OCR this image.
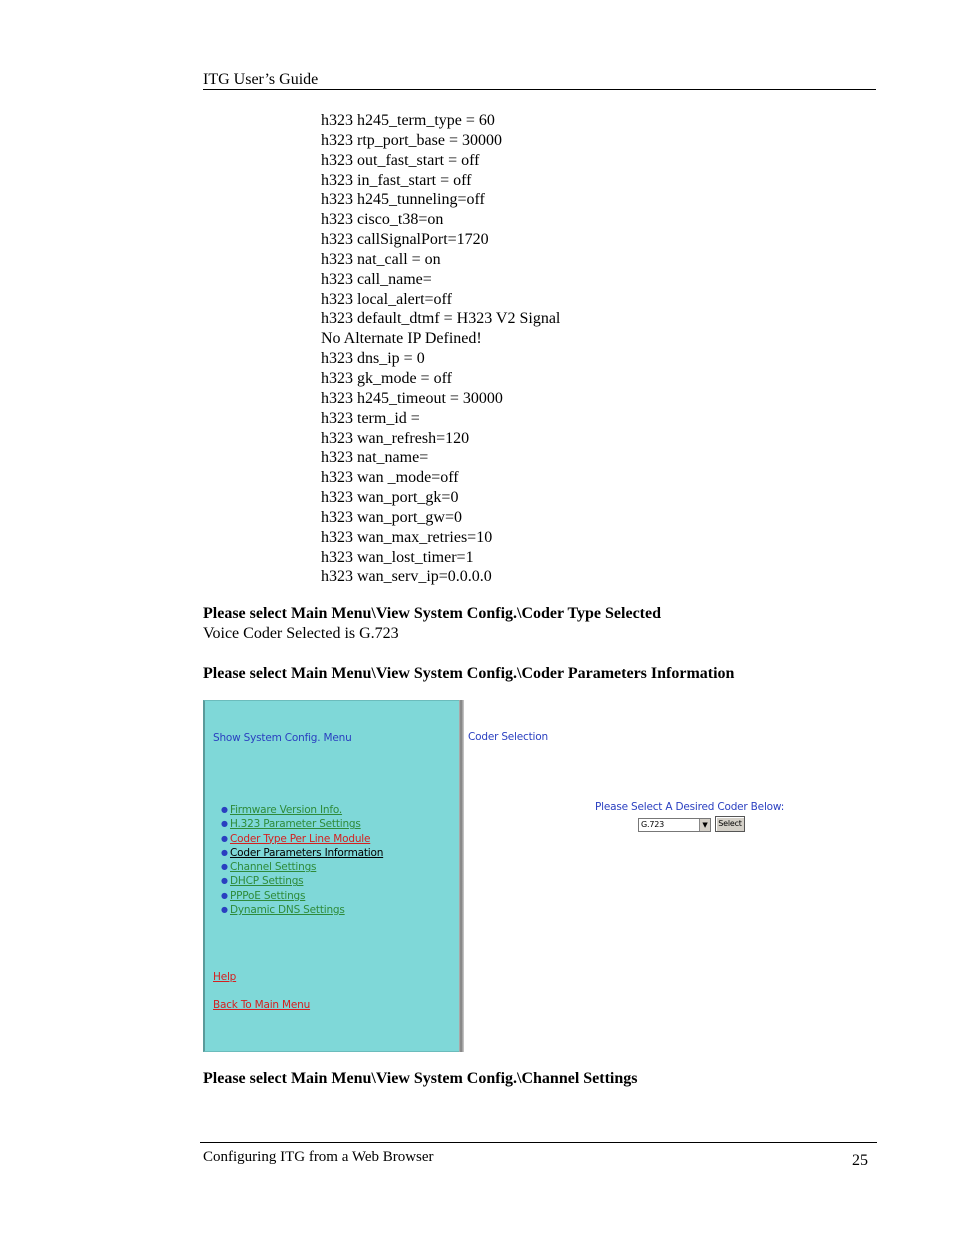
ITG User’s Guide
h323 h245_term_type = 60
h323 rtp_port_base = 30000
h323 out_fast_start = off
h323 in_fast_start = off
h323 h245_tunneling=off
h323 cisco_t38=on
h323 callSignalPort=1720
h323 nat_call = on
h323 call_name=
h323 local_alert=off
h323 default_dtmf = H323 V2 Signal
No Alternate IP Defined!
h323 dns_ip = 0
h323 gk_mode = off
h323 h245_timeout = 30000
h323 term_id =
h323 wan_refresh=120
h323 nat_name=
h323 wan _mode=off
h323 wan_port_gk=0
h323 wan_port_gw=0
h323 wan_max_retries=10
h323 wan_lost_timer=1
h323 wan_serv_ip=0.0.0.0
Please select Main Menu\View System Config.\Coder Type Selected
Voice Coder Selected is G.723
Please select Main Menu\View System Config.\Coder Parameters Information
Show System Config. Menu
● Firmware Version Info.
● H.323 Parameter Settings
● Coder Type Per Line Module
● Coder Parameters Information
● Channel Settings
● DHCP Settings
● PPPoE Settings
● Dynamic DNS Settings
Help
Back To Main Menu
Coder Selection
Please Select A Desired Coder Below:
G.723	▼	Select
Please select Main Menu\View System Config.\Channel Settings
Configuring ITG from a Web Browser	25
